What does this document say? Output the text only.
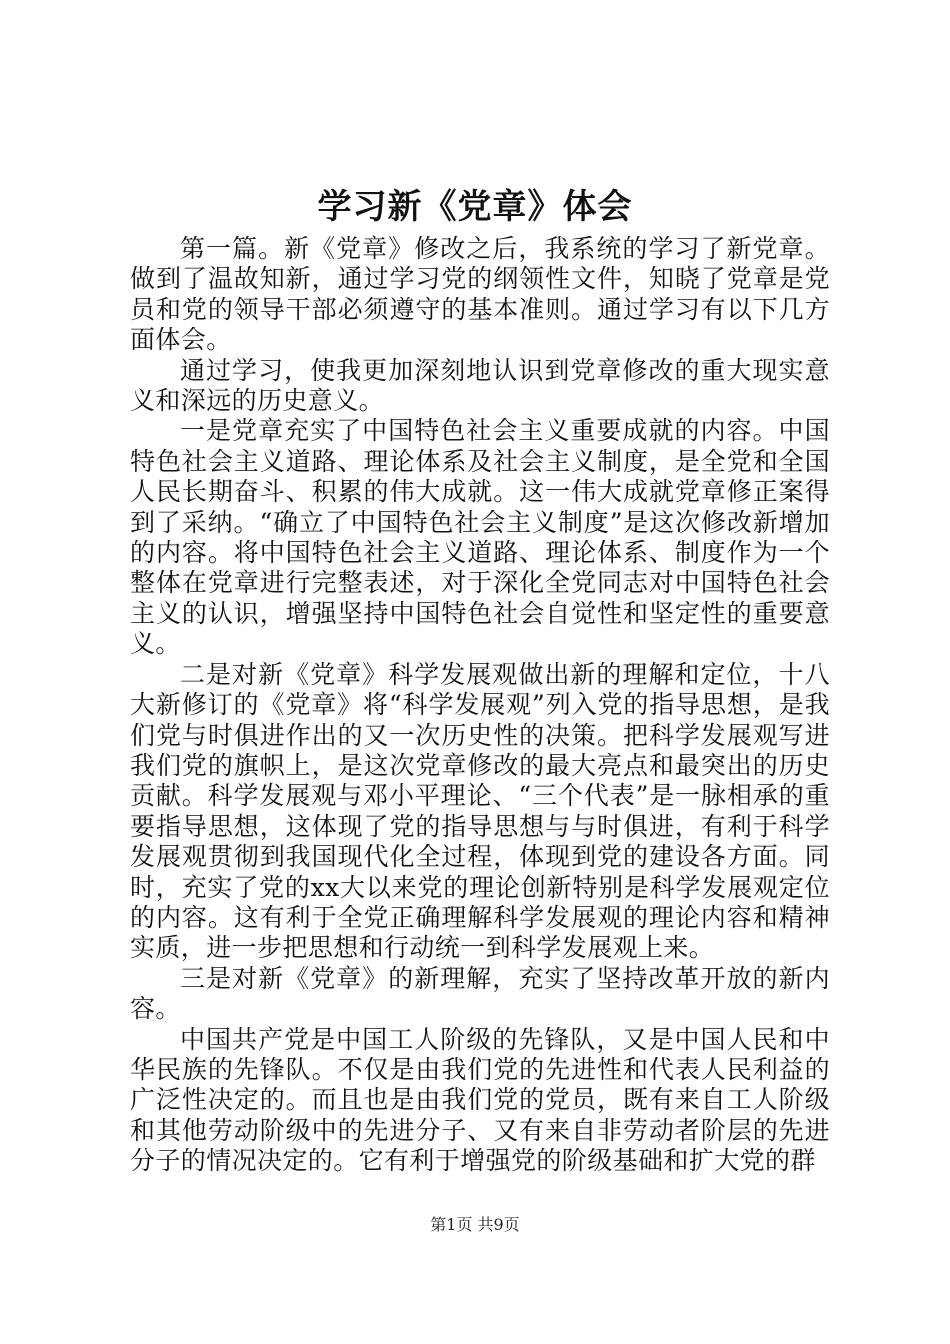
学习新《党章》体会

第一篇。新《党章》修改之后，我系统的学习了新党章。做到了温故知新，通过学习党的纲领性文件，知晓了党章是党员和党的领导干部必须遵守的基本准则。通过学习有以下几方面体会。

通过学习，使我更加深刻地认识到党章修改的重大现实意义和深远的历史意义。

一是党章充实了中国特色社会主义重要成就的内容。中国特色社会主义道路、理论体系及社会主义制度，是全党和全国人民长期奋斗、积累的伟大成就。这一伟大成就党章修正案得到了采纳。“确立了中国特色社会主义制度”是这次修改新增加的内容。将中国特色社会主义道路、理论体系、制度作为一个整体在党章进行完整表述，对于深化全党同志对中国特色社会主义的认识，增强坚持中国特色社会自觉性和坚定性的重要意义。

二是对新《党章》科学发展观做出新的理解和定位，十八大新修订的《党章》将“科学发展观”列入党的指导思想，是我们党与时俱进作出的又一次历史性的决策。把科学发展观写进我们党的旗帜上，是这次党章修改的最大亮点和最突出的历史贡献。科学发展观与邓小平理论、“三个代表”是一脉相承的重要指导思想，这体现了党的指导思想与与时俱进，有利于科学发展观贯彻到我国现代化全过程，体现到党的建设各方面。同时，充实了党的xx大以来党的理论创新特别是科学发展观定位的内容。这有利于全党正确理解科学发展观的理论内容和精神实质，进一步把思想和行动统一到科学发展观上来。

三是对新《党章》的新理解，充实了坚持改革开放的新内容。

中国共产党是中国工人阶级的先锋队，又是中国人民和中华民族的先锋队。不仅是由我们党的先进性和代表人民利益的广泛性决定的。而且也是由我们党的党员，既有来自工人阶级和其他劳动阶级中的先进分子、又有来自非劳动者阶层的先进分子的情况决定的。它有利于增强党的阶级基础和扩大党的群

第1页 共9页
